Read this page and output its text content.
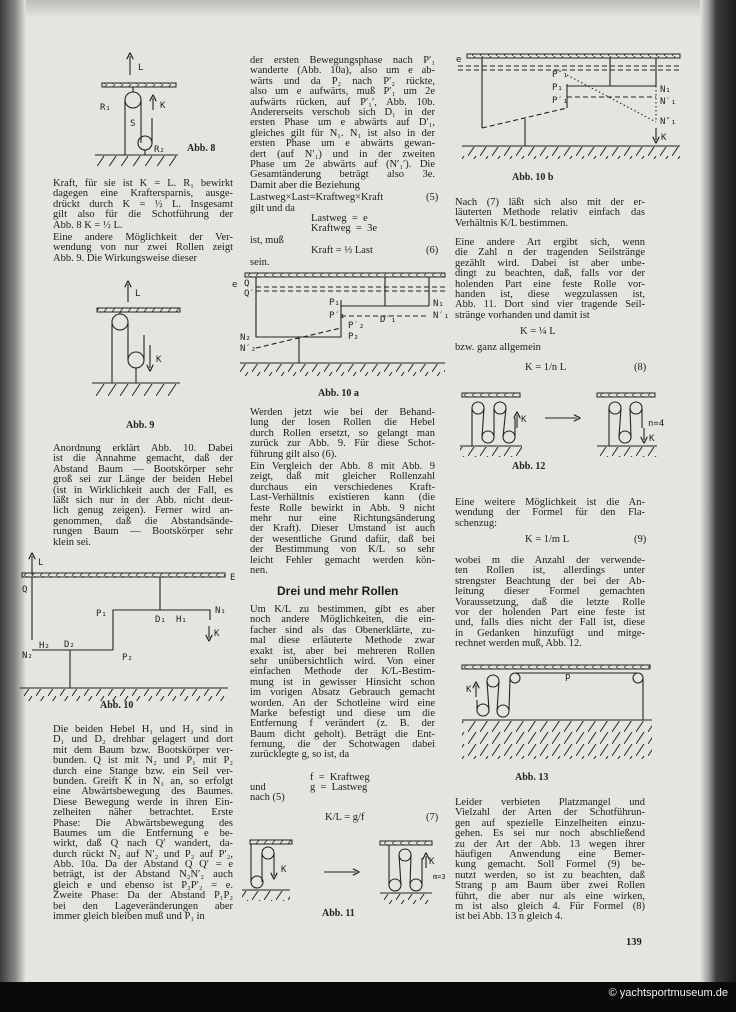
Kraft, für sie ist K = L. R₁ bewirkt
dagegen eine Kraftersparnis, ausge-
drückt durch K = ½ L. Insgesamt
gilt also für die Schotführung der
Abb. 8 K = ½ L.
Eine andere Möglichkeit der Ver-
wendung von nur zwei Rollen zeigt
Abb. 9. Die Wirkungsweise dieser
Anordnung erklärt Abb. 10. Dabei
ist die Annahme gemacht, daß der
Abstand Baum — Bootskörper sehr
groß sei zur Länge der beiden Hebel
(ist in Wirklichkeit auch der Fall, es
läßt sich nur in der Abb. nicht deut-
lich genug zeigen). Ferner wird an-
genommen, daß die Abstandsände-
rungen Baum — Bootskörper sehr
klein sei.
Die beiden Hebel H₁ und H₂ sind in
D₁ und D₂ drehbar gelagert und dort
mit dem Baum bzw. Bootskörper ver-
bunden. Q ist mit N₂ und P₁ mit P₂
durch eine Stange bzw. ein Seil ver-
bunden. Greift K in N₁ an, so erfolgt
eine Abwärtsbewegung des Baumes.
Diese Bewegung werde in ihren Ein-
zelheiten näher betrachtet. Erste
Phase: Die Abwärtsbewegung des
Baumes um die Entfernung e be-
wirkt, daß Q nach Q′ wandert, da-
durch rückt N₂ auf N′₂ und P₂ auf P′₂,
Abb. 10a. Da der Abstand Q Q′ = e
beträgt, ist der Abstand N₂N′₂ auch
gleich e und ebenso ist P₂P′₂ = e.
Zweite Phase: Da der Abstand P₁P₂
bei den Lageveränderungen aber
immer gleich bleiben muß und P₁ in
der ersten Bewegungsphase nach P′₁
wanderte (Abb. 10a), also um e ab-
wärts und da P₂ nach P′₂ rückte,
also um e aufwärts, muß P′₁ um 2e
aufwärts rücken, auf P′₁′, Abb. 10b.
Andererseits verschob sich D₁ in der
ersten Phase um e abwärts auf D′₁,
gleiches gilt für N₁. N₁ ist also in der
ersten Phase um e abwärts gewan-
dert (auf N′₁) und in der zweiten
Phase um 2e abwärts auf (N′₁′). Die
Gesamtänderung beträgt also 3e.
Damit aber die Beziehung
Lastweg×Last=Kraftweg×Kraft	(5)
gilt und da
Lastweg  =  e
Kraftweg  =  3e
ist, muß
Kraft = ⅓ Last	(6)
sein.
Werden jetzt wie bei der Behand-
lung der losen Rollen die Hebel
durch Rollen ersetzt, so gelangt man
zurück zur Abb. 9. Für diese Schot-
führung gilt also (6).
Ein Vergleich der Abb. 8 mit Abb. 9
zeigt, daß mit gleicher Rollenzahl
durchaus ein verschiedenes Kraft-
Last-Verhältnis existieren kann (die
feste Rolle bewirkt in Abb. 9 nicht
mehr nur eine Richtungsänderung
der Kraft). Dieser Umstand ist auch
der wesentliche Grund dafür, daß bei
der Bestimmung von K/L so sehr
leicht Fehler gemacht werden kön-
nen.
Drei und mehr Rollen
Um K/L zu bestimmen, gibt es aber
noch andere Möglichkeiten, die ein-
facher sind als das Obenerklärte, zu-
mal diese erläuterte Methode zwar
exakt ist, aber bei mehreren Rollen
sehr unübersichtlich wird. Von einer
einfachen Methode der K/L-Bestim-
mung ist in gewisser Hinsicht schon
im vorigen Absatz Gebrauch gemacht
worden. An der Schotleine wird eine
Marke befestigt und diese um die
Entfernung f verändert (z. B. der
Baum dicht geholt). Beträgt die Ent-
fernung, die der Schotwagen dabei
zurücklegte g, so ist, da
f  =  Kraftweg
und	g  =  Lastweg
nach (5)
K/L = g/f	(7)
Nach (7) läßt sich also mit der er-
läuterten Methode relativ einfach das
Verhältnis K/L bestimmen.
Eine andere Art ergibt sich, wenn
die Zahl n der tragenden Seilstränge
gezählt wird. Dabei ist aber unbe-
dingt zu beachten, daß, falls vor der
holenden Part eine feste Rolle vor-
handen ist, diese wegzulassen ist,
Abb. 11. Dort sind vier tragende Seil-
stränge vorhanden und damit ist
K = ¼ L
bzw. ganz allgemein
K = 1/n L	(8)
Eine weitere Möglichkeit ist die An-
wendung der Formel für den Fla-
schenzug:
K = 1/m L	(9)
wobei m die Anzahl der verwende-
ten Rollen ist, allerdings unter
strengster Beachtung der bei der Ab-
leitung dieser Formel gemachten
Voraussetzung, daß die letzte Rolle
vor der holenden Part eine feste ist
und, falls dies nicht der Fall ist, diese
in Gedanken hinzufügt und mitge-
rechnet werden muß, Abb. 12.
Leider verbieten Platzmangel und
Vielzahl der Arten der Schotführun-
gen auf spezielle Einzelheiten einzu-
gehen. Es sei nur noch abschließend
zu der Art der Abb. 13 wegen ihrer
häufigen Anwendung eine Bemer-
kung gemacht. Soll Formel (9) be-
nutzt werden, so ist zu beachten, daß
Strang p am Baum über zwei Rollen
führt, die aber nur als eine wirken,
m ist also gleich 4. Für Formel (8)
ist bei Abb. 13 n gleich 4.
139
L
R₁	K
S
R₂ Abb. 8
L
K
Abb. 9
L
E
Q
P₁
D₁ H₁
N₁
K
H₂ D₂
N₂	P₂
Abb. 10
e Q
Q′
P₁
P′₁	D′₁
N₁
N′₁
P′₂
P₂
N₂
N′₂
Abb. 10 a
e
P″₁
P₁
P′₁
N₁
N′₁
N″₁
K
Abb. 10 b
K
K
m=3
Abb. 11
K
K
n=4
Abb. 12
K
p
Abb. 13
© yachtsportmuseum.de
